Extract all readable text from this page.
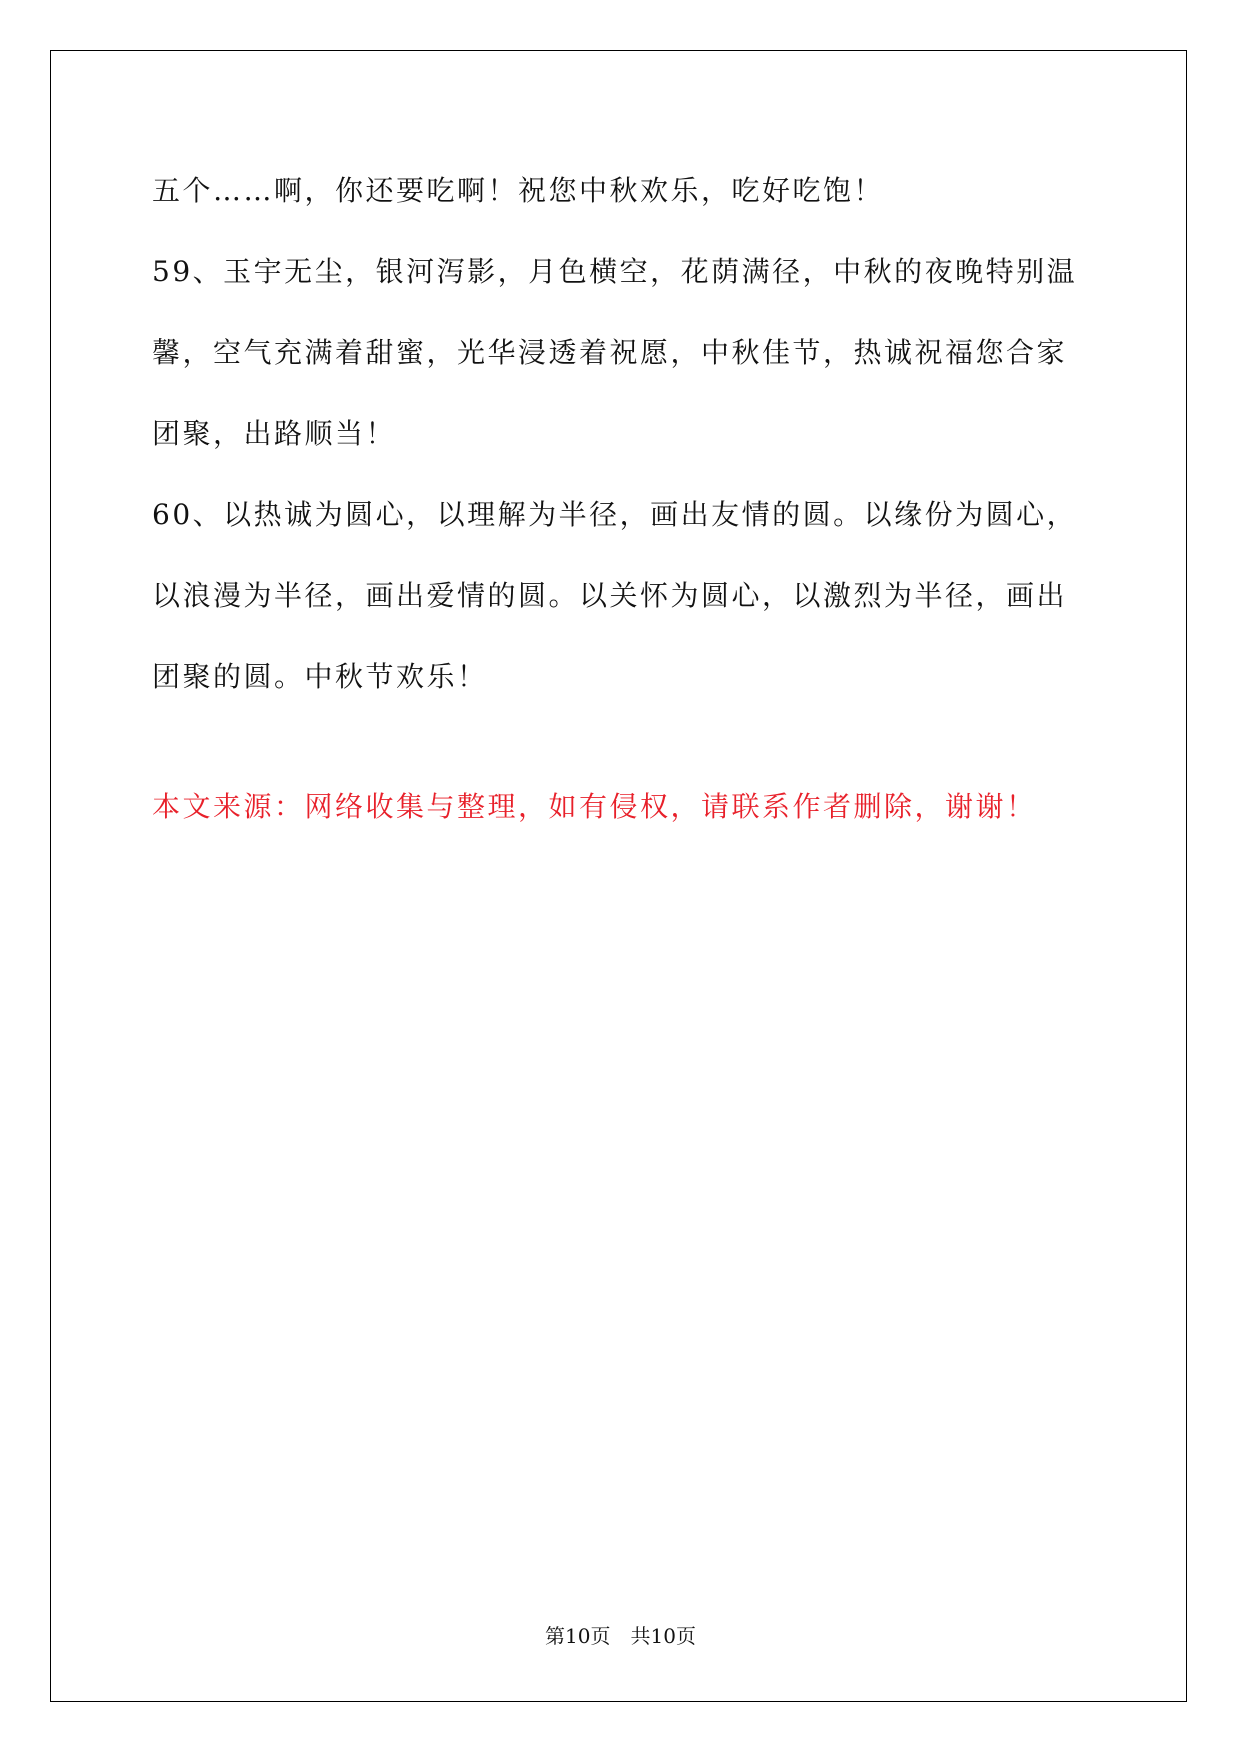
五个……啊，你还要吃啊！祝您中秋欢乐，吃好吃饱！
59、玉宇无尘，银河泻影，月色横空，花荫满径，中秋的夜晚特别温
馨，空气充满着甜蜜，光华浸透着祝愿，中秋佳节，热诚祝福您合家
团聚，出路顺当！
60、以热诚为圆心，以理解为半径，画出友情的圆。以缘份为圆心，
以浪漫为半径，画出爱情的圆。以关怀为圆心，以激烈为半径，画出
团聚的圆。中秋节欢乐！
本文来源：网络收集与整理，如有侵权，请联系作者删除，谢谢！
第10页　共10页
